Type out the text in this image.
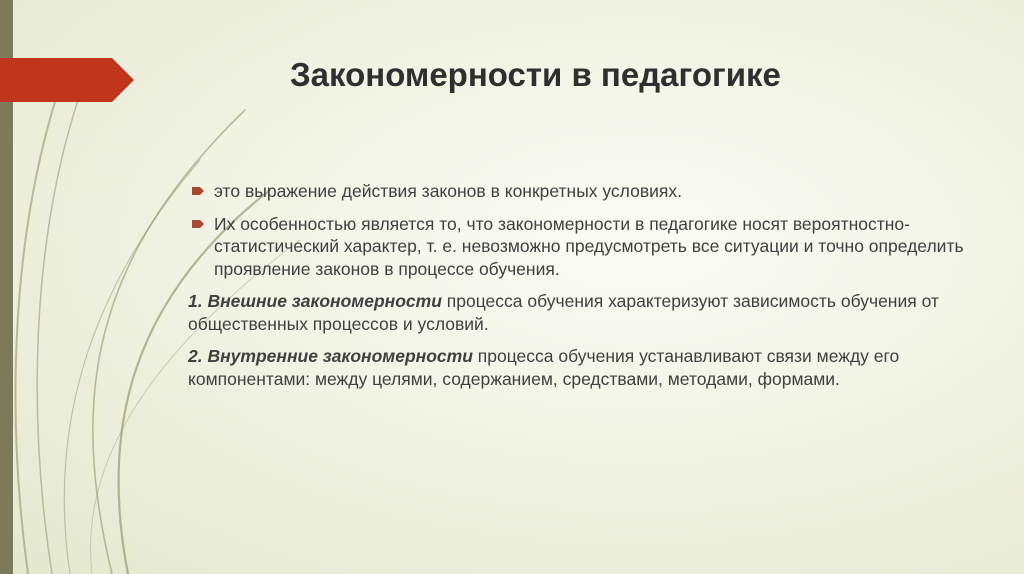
Закономерности в педагогике
это выражение действия законов в конкретных условиях.
Их особенностью является то, что закономерности в педагогике носят вероятностно-статистический характер, т. е. невозможно предусмотреть все ситуации и точно определить проявление законов в процессе обучения.

1. Внешние закономерности процесса обучения характеризуют зависимость обучения от общественных процессов и условий.

2. Внутренние закономерности процесса обучения устанавливают связи между его компонентами: между целями, содержанием, средствами, методами, формами.
